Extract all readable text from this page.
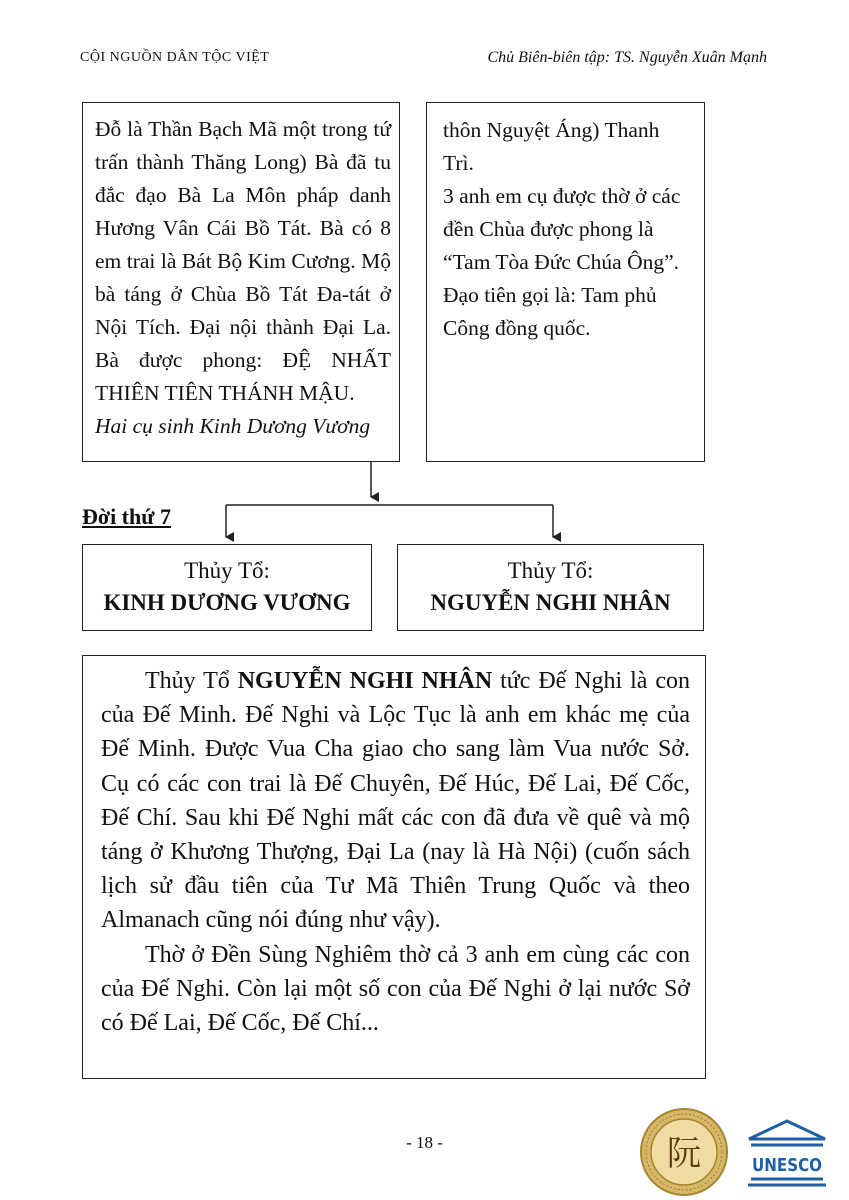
CỘI NGUỒN DÂN TỘC VIỆT	Chủ Biên-biên tập: TS. Nguyễn Xuân Mạnh

Đỗ là Thần Bạch Mã một trong tứ trấn thành Thăng Long) Bà đã tu đắc đạo Bà La Môn pháp danh Hương Vân Cái Bồ Tát. Bà có 8 em trai là Bát Bộ Kim Cương. Mộ bà táng ở Chùa Bồ Tát Đa-tát ở Nội Tích. Đại nội thành Đại La. Bà được phong: ĐỆ NHẤT THIÊN TIÊN THÁNH MẬU.

Hai cụ sinh Kinh Dương Vương

thôn Nguyệt Áng) Thanh Trì.

3 anh em cụ được thờ ở các đền Chùa được phong là “Tam Tòa Đức Chúa Ông”. Đạo tiên gọi là: Tam phủ Công đồng quốc.

Đời thứ 7
Thủy Tổ:
KINH DƯƠNG VƯƠNG
Thủy Tổ:
NGUYỄN NGHI NHÂN

Thủy Tổ NGUYỄN NGHI NHÂN tức Đế Nghi là con của Đế Minh. Đế Nghi và Lộc Tục là anh em khác mẹ của Đế Minh. Được Vua Cha giao cho sang làm Vua nước Sở. Cụ có các con trai là Đế Chuyên, Đế Húc, Đế Lai, Đế Cốc, Đế Chí. Sau khi Đế Nghi mất các con đã đưa về quê và mộ táng ở Khương Thượng, Đại La (nay là Hà Nội) (cuốn sách lịch sử đầu tiên của Tư Mã Thiên Trung Quốc và theo Almanach cũng nói đúng như vậy).

Thờ ở Đền Sùng Nghiêm thờ cả 3 anh em cùng các con của Đế Nghi. Còn lại một số con của Đế Nghi ở lại nước Sở có Đế Lai, Đế Cốc, Đế Chí...

- 18 -	阮	UNESCO
